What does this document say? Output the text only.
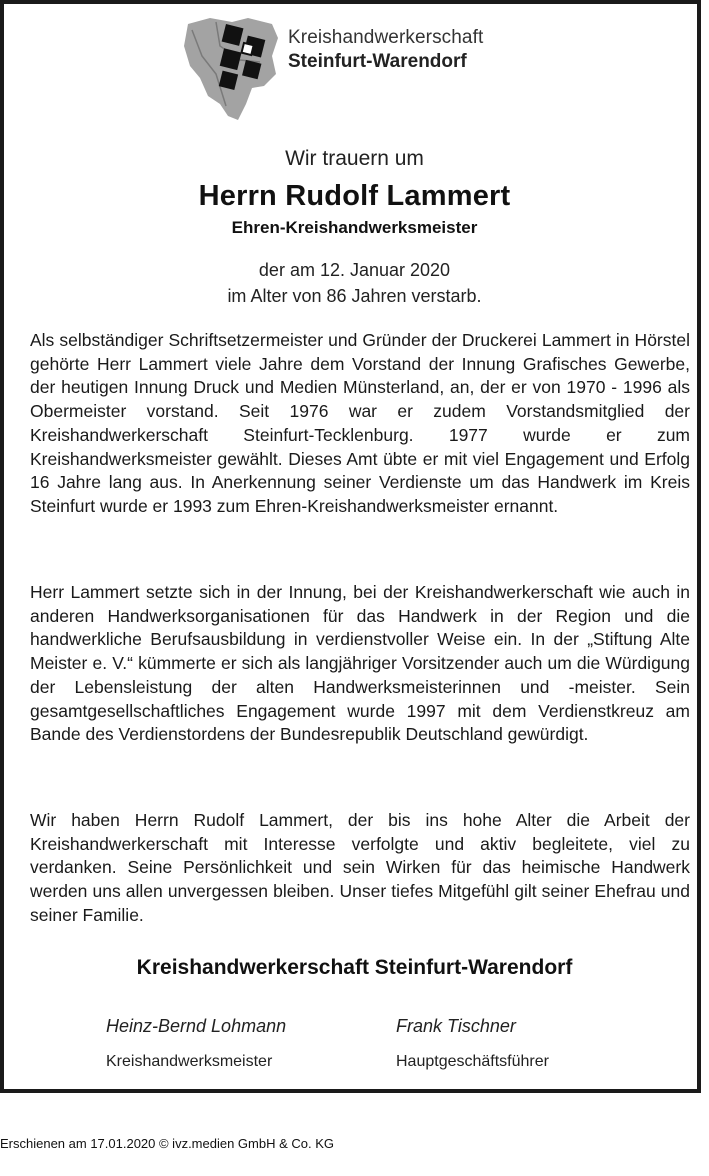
Kreishandwerkerschaft
Steinfurt-Warendorf
Wir trauern um
Herrn Rudolf Lammert
Ehren-Kreishandwerksmeister
der am 12. Januar 2020
im Alter von 86 Jahren verstarb.

Als selbständiger Schriftsetzermeister und Gründer der Druckerei Lammert in Hörstel gehörte Herr Lammert viele Jahre dem Vorstand der Innung Grafisches Gewerbe, der heutigen Innung Druck und Medien Münsterland, an, der er von 1970 - 1996 als Obermeister vorstand. Seit 1976 war er zudem Vorstandsmitglied der Kreishandwerkerschaft Steinfurt-Tecklenburg. 1977 wurde er zum Kreishandwerksmeister gewählt. Dieses Amt übte er mit viel Engagement und Erfolg 16 Jahre lang aus. In Anerkennung seiner Verdienste um das Handwerk im Kreis Steinfurt wurde er 1993 zum Ehren-Kreishandwerksmeister ernannt.

Herr Lammert setzte sich in der Innung, bei der Kreishandwerkerschaft wie auch in anderen Handwerksorganisationen für das Handwerk in der Region und die handwerkliche Berufsausbildung in verdienstvoller Weise ein. In der „Stiftung Alte Meister e. V.“ kümmerte er sich als langjähriger Vorsitzender auch um die Würdigung der Lebensleistung der alten Handwerksmeisterinnen und -meister. Sein gesamtgesellschaftliches Engagement wurde 1997 mit dem Verdienstkreuz am Bande des Verdienstordens der Bundesrepublik Deutschland gewürdigt.

Wir haben Herrn Rudolf Lammert, der bis ins hohe Alter die Arbeit der Kreishandwerkerschaft mit Interesse verfolgte und aktiv begleitete, viel zu verdanken. Seine Persönlichkeit und sein Wirken für das heimische Handwerk werden uns allen unvergessen bleiben. Unser tiefes Mitgefühl gilt seiner Ehefrau und seiner Familie.

Kreishandwerkerschaft Steinfurt-Warendorf
Heinz-Bernd Lohmann	Frank Tischner
Kreishandwerksmeister	Hauptgeschäftsführer
Erschienen am 17.01.2020 © ivz.medien GmbH & Co. KG
